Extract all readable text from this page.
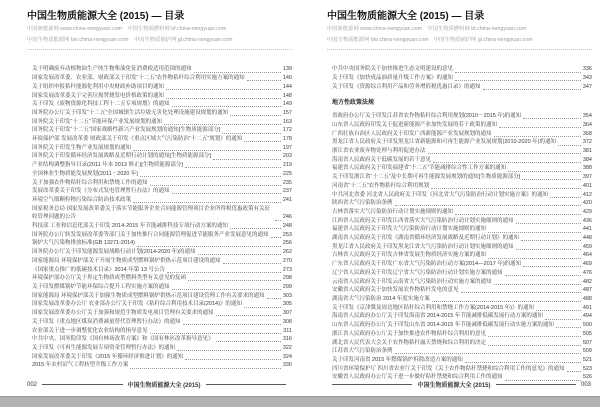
中国生物质能源大全 (2015) — 目录
中国新能源网 www.china-nengyuan.com　中国生物质燃料网 bf.china-nengyuan.com
中国生物质能源网 bio.china-nengyuan.com　中国生物质锅炉网 gl.china-nengyuan.com
关于明确废弃动植物油生产纯生物柴油免征消费税适用范围的通知	139
国家发展改革委、农业部、财政部关于印发“十二五”农作物秸秆综合利用实施方案的通知	140
关于组织申报秸秆能源化利用中央财政补助项目的通知	144
国家发展改革委关于完善垃圾焚烧发电价格政策的通知	148
关于印发《废物资源化科技工程十二五专项规划》的通知	149
国务院办公厅关于印发“十二五”全国城镇生活垃圾无害化处理设施建设规划的通知	157
国务院关于印发“十二五”节能环保产业发展规划的通知	163
国务院关于印发“十二五”国家战略性新兴产业发展规划的通知[生物质能源部分]	172
环境保护部 发展改革委 财政部关于印发《重点区域大气污染防治“十二五”规划》的通知	178
国务院关于印发生物产业发展规划的通知	197
国务院关于印发循环经济发展战略及近期行动计划的通知[生物质能源部分]	203
产业结构调整指导目录(2011 年本 2013 修正)[生物质能源部分]	219
全国林业生物质能发展规划(2011－2020 年)	225
关于加强农作物秸秆综合利用和禁烧工作的通知	235
发展改革委关于印发《分布式发电管理暂行办法》的通知	237
环境空气细颗粒物污染综合防治技术政策	241
国家税务总局 国家发展改革委关于落实节能服务企业合同能源管理项目企业所得税优惠政策有关征收管理问题的公告	246
科技部 工业和信息化部关于印发 2014-2015 年节能减排科技专项行动方案的通知	248
国务院办公厅转发发展改革委等部门关于加快推行合同能源管理促进节能服务产业发展意见的通知	253
锅炉大气污染物排放标准(GB 13271-2014)	256
国务院办公厅关于印发能源发展战略行动计划(2014-2020 年)的通知	262
国家能源局 环境保护部关于开展生物质成型燃料锅炉供热示范项目建设的通知	270
《国家重点推广的低碳技术目录》2014 年第 13 号公告	273
环境保护部办公厅关于界定生物质成型燃料类型有关意见的复函	298
关于印发燃煤锅炉节能环保综合提升工程实施方案的通知	299
国家能源局 环境保护部关于加强生物质成型燃料锅炉供热示范项目建设管理工作有关要求的通知	303
国家发展改革委办公厅 农业部办公厅关于印发《秸秆综合利用技术目录(2014)》的通知	305
国家发展改革委办公厅关于加强和规范生物质发电项目管理有关要求的通知	307
关于印发《重点地区煤炭消费减量替代管理暂行办法》的通知	308
农业部关于进一步调整优化农业结构的指导意见	311
中共中央、国务院印发《国有林场改革方案》和《国有林区改革指导意见》	316
关于印发《可再生能源发展专项资金管理暂行办法》的通知	322
国家发展改革委关于印发《2015 年循环经济推进计划》的通知	324
2015 年农村沼气工程转型升级工作方案	330
002	中国生物质能源大全 (2015)
中国生物质能源大全 (2015) — 目录
中国新能源网 www.china-nengyuan.com　中国生物质燃料网 bf.china-nengyuan.com
中国生物质能源网 bio.china-nengyuan.com　中国生物质锅炉网 gl.china-nengyuan.com
中共中央国务院关于加快推进生态文明建设的意见	336
关于印发《加快成品油质量升级工作方案》的通知	343
关于印发《资源综合利用产品和劳务增值税优惠目录》的通知	347
地方性政策法规
省政府办公厅关于印发江苏省农作物秸秆综合利用规划(2010－2015 年)的通知	354
山东省人民政府印发关于促进新能源产业加快发展的若干政策的通知	364
广西壮族自治区人民政府关于印发广西新能源产业发展规划的通知	368
黑龙江省人民政府关于印发黑龙江省新能源和可再生能源产业发展规划(2010-2020 年)的通知	372
浙江省农业废弃物处理与利用促进办法	381
海南省人民政府关于低碳发展的若干意见	384
福建省人民政府关于印发福建省“十二五”节能减排综合性工作方案的通知	388
关于印发浙江省“十二五”及中长期可再生能源发展规划的通知[生物质能源部分]	397
河南省“十二五”农作物秸秆综合利用规划	401
中共河北省委 河北省人民政府关于印发《河北省大气污染防治行动计划实施方案》的通知	412
陕西省大气污染防治条例	420
吉林省落实大气污染防治行动计划实施细则的通知	429
江西省人民政府关于印发江西省落实大气污染防治行动计划实施细则的通知	436
福建省人民政府关于印发大气污染防治行动计划实施细则的通知	441
湖南省人民政府关于印发《湖南省循环经济发展战略及近期行动计划》的通知	448
黑龙江省人民政府关于印发黑龙江省大气污染防治行动计划实施细则的通知	459
吉林省人民政府关于印发吉林省发展生物质经济实施方案的通知	464
广东省人民政府关于印发广东省大气污染防治行动方案(2014—2017 年)的通知	469
辽宁省人民政府关于印发辽宁省大气污染防治行动计划实施方案的通知	476
云南省人民政府关于印发云南省大气污染防治行动实施方案的通知	482
安徽省人民政府关于加快发展农作物秸秆发电的意见	487
湖南省大气污染防治 2014 年度实施方案	488
关于印发《京津冀及周边地区秸秆综合利用和禁烧工作方案(2014-2015 年)》的通知	491
海南省人民政府办公厅关于印发海南省 2014-2015 年节能减排低碳发展行动方案的通知	494
山东省人民政府办公厅关于印发山东省 2014-2015 年节能减排低碳发展行动实施方案的通知	500
浙江省人民政府办公厅关于加快推进农作物秸秆综合利用的意见	505
湖北省人民代表大会关于农作物秸秆露天禁烧和综合利用的决定	507
江苏省大气污染防治条例	509
关于印发河南省 2015 年燃煤锅炉拆除改造方案的通知	521
四川省环境保护厅 四川省农业厅关于印发《关于农作物秸秆禁烧和综合利用工作的意见》的通知	523
安徽省人民政府办公厅关于进一步做好秸秆禁烧和综合利用工作的通知	526
中国生物质能源大全 (2015)	003
